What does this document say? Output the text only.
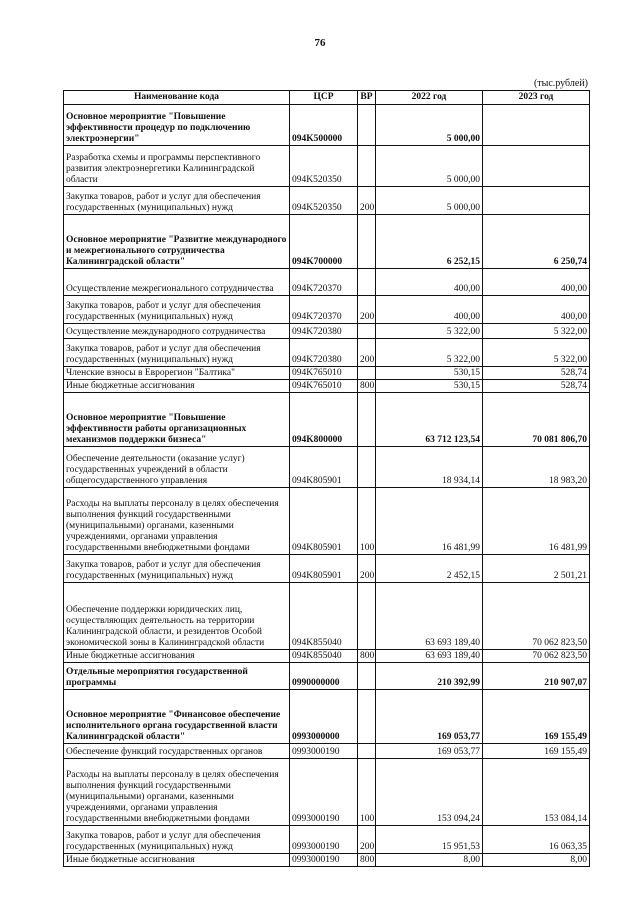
76
(тыс.рублей)
Наименование кода	ЦСР	ВР	2022 год	2023 год
Основное мероприятие "Повышение эффективности процедур по подключению электроэнергии"	094K500000		5 000,00	
Разработка схемы и программы перспективного развития электроэнергетики Калининградской области	094K520350		5 000,00	
Закупка товаров, работ и услуг для обеспечения государственных (муниципальных) нужд	094K520350	200	5 000,00	
Основное мероприятие "Развитие международного и межрегионального сотрудничества Калининградской области"	094K700000		6 252,15	6 250,74
Осуществление межрегионального сотрудничества	094K720370		400,00	400,00
Закупка товаров, работ и услуг для обеспечения государственных (муниципальных) нужд	094K720370	200	400,00	400,00
Осуществление международного сотрудничества	094K720380		5 322,00	5 322,00
Закупка товаров, работ и услуг для обеспечения государственных (муниципальных) нужд	094K720380	200	5 322,00	5 322,00
Членские взносы в Еврорегион "Балтика"	094K765010		530,15	528,74
Иные бюджетные ассигнования	094K765010	800	530,15	528,74
Основное мероприятие "Повышение эффективности работы организационных механизмов поддержки бизнеса"	094K800000		63 712 123,54	70 081 806,70
Обеспечение деятельности (оказание услуг) государственных учреждений в области общегосударственного управления	094K805901		18 934,14	18 983,20
Расходы на выплаты персоналу в целях обеспечения выполнения функций государственными (муниципальными) органами, казенными учреждениями, органами управления государственными внебюджетными фондами	094K805901	100	16 481,99	16 481,99
Закупка товаров, работ и услуг для обеспечения государственных (муниципальных) нужд	094K805901	200	2 452,15	2 501,21
Обеспечение поддержки юридических лиц, осуществляющих деятельность на территории Калининградской области, и резидентов Особой экономической зоны в Калининградской области	094K855040		63 693 189,40	70 062 823,50
Иные бюджетные ассигнования	094K855040	800	63 693 189,40	70 062 823,50
Отдельные мероприятия государственной программы	0990000000		210 392,99	210 907,07
Основное мероприятие "Финансовое обеспечение исполнительного органа государственной власти Калининградской области"	0993000000		169 053,77	169 155,49
Обеспечение функций государственных органов	0993000190		169 053,77	169 155,49
Расходы на выплаты персоналу в целях обеспечения выполнения функций государственными (муниципальными) органами, казенными учреждениями, органами управления государственными внебюджетными фондами	0993000190	100	153 094,24	153 084,14
Закупка товаров, работ и услуг для обеспечения государственных (муниципальных) нужд	0993000190	200	15 951,53	16 063,35
Иные бюджетные ассигнования	0993000190	800	8,00	8,00
